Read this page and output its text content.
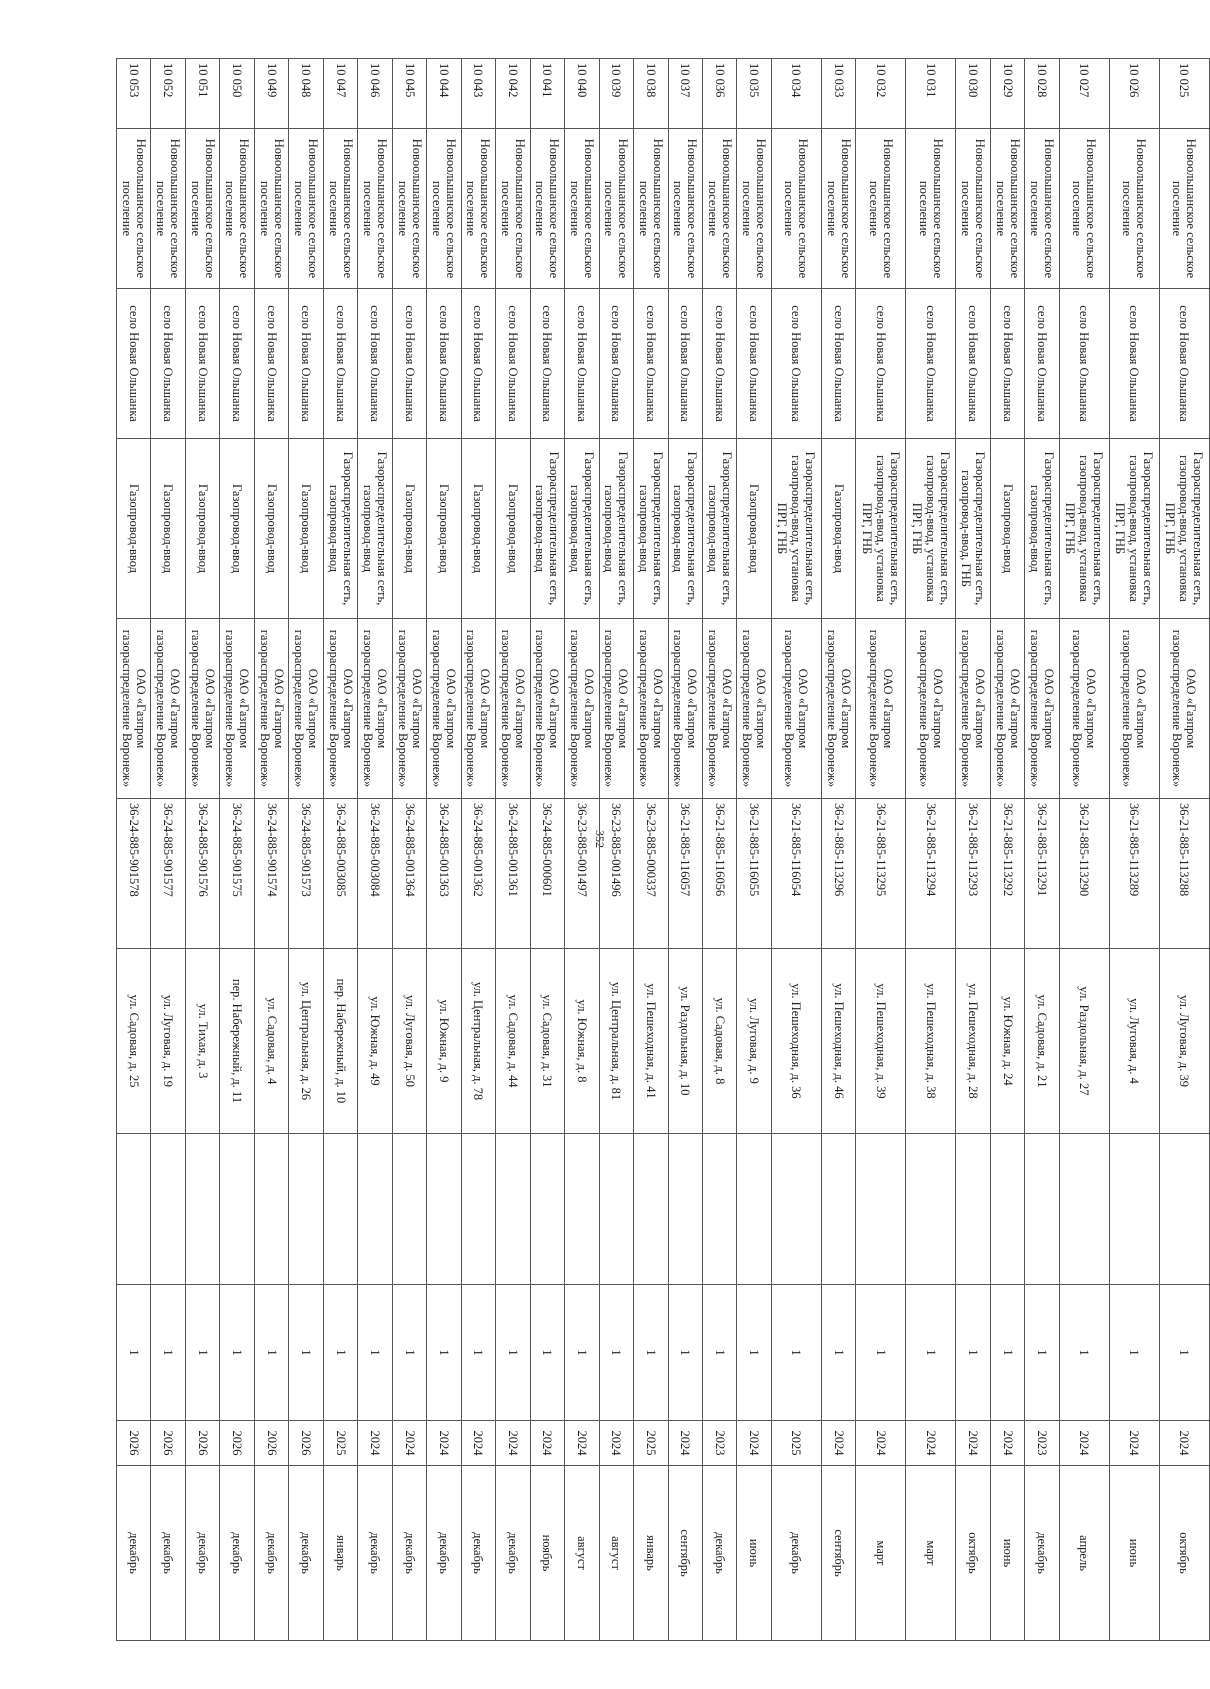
352
10 025	Новоольшанское сельское поселение	село Новая Ольшанка	Газораспределительная сеть, газопровод-ввод, установка ПРГ, ГНБ	ОАО «Газпром газораспределение Воронеж»	36-21-885-113288	ул. Луговая, д. 39		1	2024	октябрь
10 026	Новоольшанское сельское поселение	село Новая Ольшанка	Газораспределительная сеть, газопровод-ввод, установка ПРГ, ГНБ	ОАО «Газпром газораспределение Воронеж»	36-21-885-113289	ул. Луговая, д. 4		1	2024	июнь
10 027	Новоольшанское сельское поселение	село Новая Ольшанка	Газораспределительная сеть, газопровод-ввод, установка ПРГ, ГНБ	ОАО «Газпром газораспределение Воронеж»	36-21-885-113290	ул. Раздольная, д. 27		1	2024	апрель
10 028	Новоольшанское сельское поселение	село Новая Ольшанка	Газораспределительная сеть, газопровод-ввод	ОАО «Газпром газораспределение Воронеж»	36-21-885-113291	ул. Садовая, д. 21		1	2023	декабрь
10 029	Новоольшанское сельское поселение	село Новая Ольшанка	Газопровод-ввод	ОАО «Газпром газораспределение Воронеж»	36-21-885-113292	ул. Южная, д. 24		1	2024	июнь
10 030	Новоольшанское сельское поселение	село Новая Ольшанка	Газораспределительная сеть, газопровод-ввод, ГНБ	ОАО «Газпром газораспределение Воронеж»	36-21-885-113293	ул. Пешеходная, д. 28		1	2024	октябрь
10 031	Новоольшанское сельское поселение	село Новая Ольшанка	Газораспределительная сеть, газопровод-ввод, установка ПРГ, ГНБ	ОАО «Газпром газораспределение Воронеж»	36-21-885-113294	ул. Пешеходная, д. 38		1	2024	март
10 032	Новоольшанское сельское поселение	село Новая Ольшанка	Газораспределительная сеть, газопровод-ввод, установка ПРГ, ГНБ	ОАО «Газпром газораспределение Воронеж»	36-21-885-113295	ул. Пешеходная, д. 39		1	2024	март
10 033	Новоольшанское сельское поселение	село Новая Ольшанка	Газопровод-ввод	ОАО «Газпром газораспределение Воронеж»	36-21-885-113296	ул. Пешеходная, д. 46		1	2024	сентябрь
10 034	Новоольшанское сельское поселение	село Новая Ольшанка	Газораспределительная сеть, газопровод-ввод, установка ПРГ, ГНБ	ОАО «Газпром газораспределение Воронеж»	36-21-885-116054	ул. Пешеходная, д. 36		1	2025	декабрь
10 035	Новоольшанское сельское поселение	село Новая Ольшанка	Газопровод-ввод	ОАО «Газпром газораспределение Воронеж»	36-21-885-116055	ул. Луговая, д. 9		1	2024	июнь
10 036	Новоольшанское сельское поселение	село Новая Ольшанка	Газораспределительная сеть, газопровод-ввод	ОАО «Газпром газораспределение Воронеж»	36-21-885-116056	ул. Садовая, д. 8		1	2023	декабрь
10 037	Новоольшанское сельское поселение	село Новая Ольшанка	Газораспределительная сеть, газопровод-ввод	ОАО «Газпром газораспределение Воронеж»	36-21-885-116057	ул. Раздольная, д. 10		1	2024	сентябрь
10 038	Новоольшанское сельское поселение	село Новая Ольшанка	Газораспределительная сеть, газопровод-ввод	ОАО «Газпром газораспределение Воронеж»	36-23-885-000337	ул. Пешеходная, д. 41		1	2025	январь
10 039	Новоольшанское сельское поселение	село Новая Ольшанка	Газораспределительная сеть, газопровод-ввод	ОАО «Газпром газораспределение Воронеж»	36-23-885-001496	ул. Центральная, д. 81		1	2024	август
10 040	Новоольшанское сельское поселение	село Новая Ольшанка	Газораспределительная сеть, газопровод-ввод	ОАО «Газпром газораспределение Воронеж»	36-23-885-001497	ул. Южная, д. 8		1	2024	август
10 041	Новоольшанское сельское поселение	село Новая Ольшанка	Газораспределительная сеть, газопровод-ввод	ОАО «Газпром газораспределение Воронеж»	36-24-885-000601	ул. Садовая, д. 31		1	2024	ноябрь
10 042	Новоольшанское сельское поселение	село Новая Ольшанка	Газопровод-ввод	ОАО «Газпром газораспределение Воронеж»	36-24-885-001361	ул. Садовая, д. 44		1	2024	декабрь
10 043	Новоольшанское сельское поселение	село Новая Ольшанка	Газопровод-ввод	ОАО «Газпром газораспределение Воронеж»	36-24-885-001362	ул. Центральная, д. 78		1	2024	декабрь
10 044	Новоольшанское сельское поселение	село Новая Ольшанка	Газопровод-ввод	ОАО «Газпром газораспределение Воронеж»	36-24-885-001363	ул. Южная, д. 9		1	2024	декабрь
10 045	Новоольшанское сельское поселение	село Новая Ольшанка	Газопровод-ввод	ОАО «Газпром газораспределение Воронеж»	36-24-885-001364	ул. Луговая, д. 50		1	2024	декабрь
10 046	Новоольшанское сельское поселение	село Новая Ольшанка	Газораспределительная сеть, газопровод-ввод	ОАО «Газпром газораспределение Воронеж»	36-24-885-003084	ул. Южная, д. 49		1	2024	декабрь
10 047	Новоольшанское сельское поселение	село Новая Ольшанка	Газораспределительная сеть, газопровод-ввод	ОАО «Газпром газораспределение Воронеж»	36-24-885-003085	пер. Набережный, д. 10		1	2025	январь
10 048	Новоольшанское сельское поселение	село Новая Ольшанка	Газопровод-ввод	ОАО «Газпром газораспределение Воронеж»	36-24-885-901573	ул. Центральная, д. 26		1	2026	декабрь
10 049	Новоольшанское сельское поселение	село Новая Ольшанка	Газопровод-ввод	ОАО «Газпром газораспределение Воронеж»	36-24-885-901574	ул. Садовая, д. 4		1	2026	декабрь
10 050	Новоольшанское сельское поселение	село Новая Ольшанка	Газопровод-ввод	ОАО «Газпром газораспределение Воронеж»	36-24-885-901575	пер. Набережный, д. 11		1	2026	декабрь
10 051	Новоольшанское сельское поселение	село Новая Ольшанка	Газопровод-ввод	ОАО «Газпром газораспределение Воронеж»	36-24-885-901576	ул. Тихая, д. 3		1	2026	декабрь
10 052	Новоольшанское сельское поселение	село Новая Ольшанка	Газопровод-ввод	ОАО «Газпром газораспределение Воронеж»	36-24-885-901577	ул. Луговая, д. 19		1	2026	декабрь
10 053	Новоольшанское сельское поселение	село Новая Ольшанка	Газопровод-ввод	ОАО «Газпром газораспределение Воронеж»	36-24-885-901578	ул. Садовая, д. 25		1	2026	декабрь
